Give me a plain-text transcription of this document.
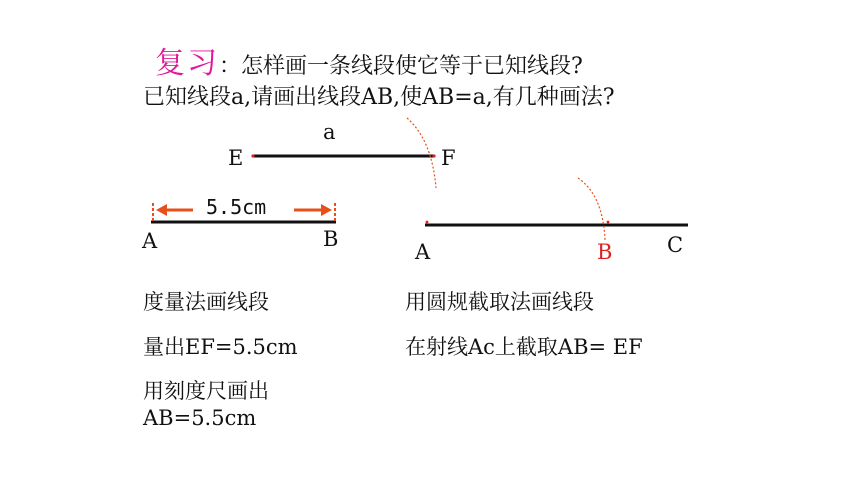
复习：怎样画一条线段使它等于已知线段?
已知线段a,请画出线段AB,使AB=a,有几种画法?
a
E	F
5.5cm
A	B
A	B	C
度量法画线段
量出EF=5.5cm
用刻度尺画出
AB=5.5cm
用圆规截取法画线段
在射线Ac上截取AB= EF
